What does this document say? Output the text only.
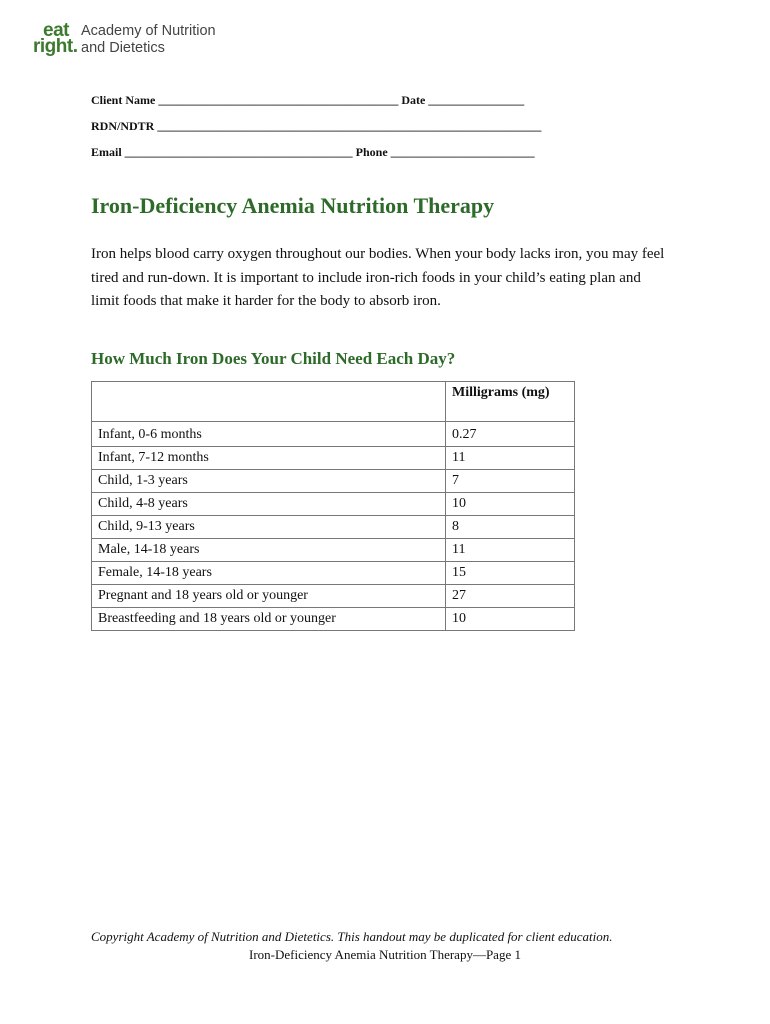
eat
right.
Academy of Nutrition
and Dietetics
Client Name ________________________________________ Date ________________
RDN/NDTR ________________________________________________________________
Email ______________________________________ Phone ________________________
Iron-Deficiency Anemia Nutrition Therapy

Iron helps blood carry oxygen throughout our bodies. When your body lacks iron, you may feel tired and run-down. It is important to include iron-rich foods in your child’s eating plan and limit foods that make it harder for the body to absorb iron.

How Much Iron Does Your Child Need Each Day?
	Milligrams (mg)
Infant, 0-6 months	0.27
Infant, 7-12 months	11
Child, 1-3 years	7
Child, 4-8 years	10
Child, 9-13 years	8
Male, 14-18 years	11
Female, 14-18 years	15
Pregnant and 18 years old or younger	27
Breastfeeding and 18 years old or younger	10
Copyright Academy of Nutrition and Dietetics. This handout may be duplicated for client education.
Iron-Deficiency Anemia Nutrition Therapy—Page 1
